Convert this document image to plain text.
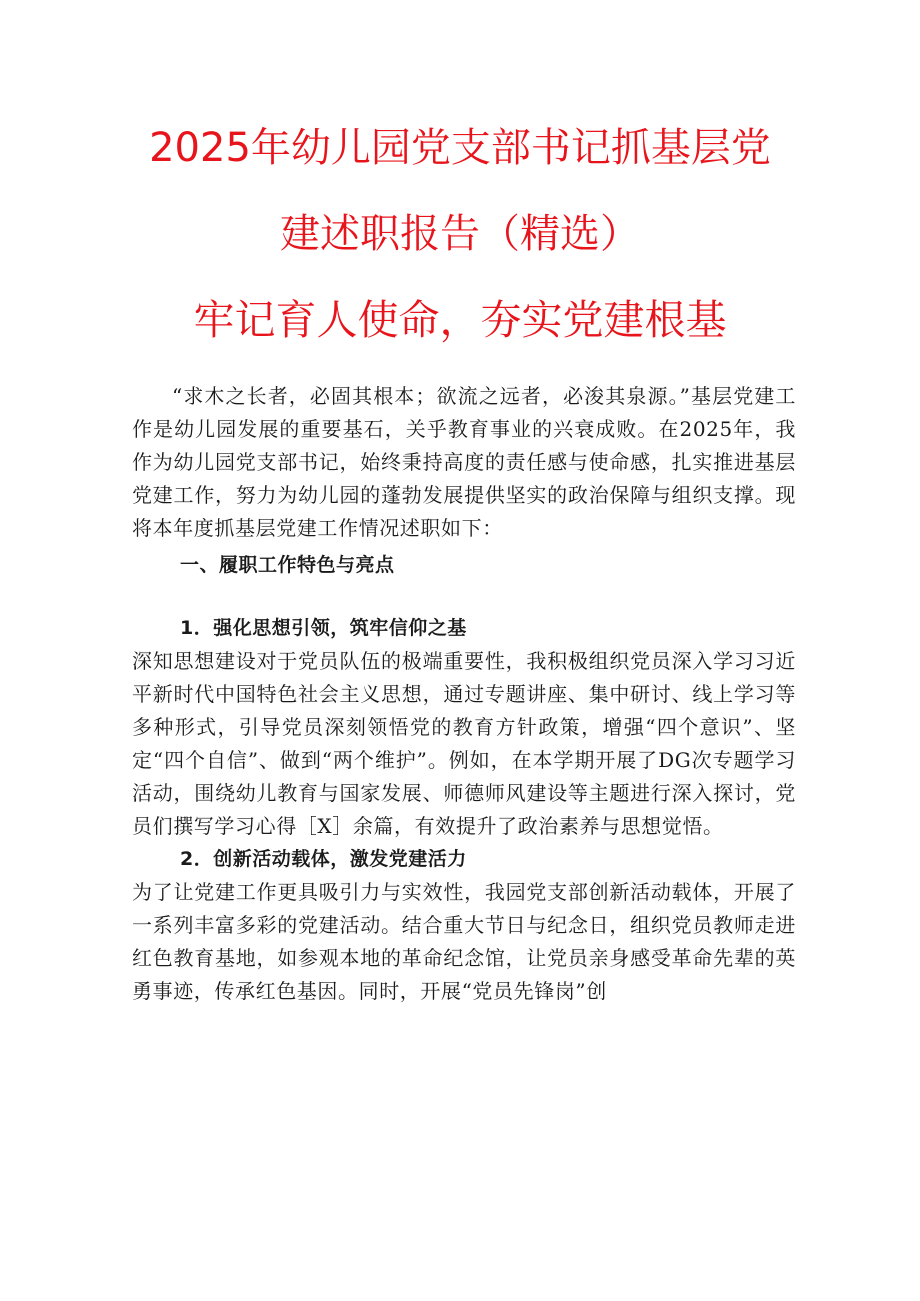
2025年幼儿园党支部书记抓基层党

建述职报告（精选）

牢记育人使命，夯实党建根基

“求木之长者，必固其根本；欲流之远者，必浚其泉源。”基层党建工作是幼儿园发展的重要基石，关乎教育事业的兴衰成败。在2025年，我作为幼儿园党支部书记，始终秉持高度的责任感与使命感，扎实推进基层党建工作，努力为幼儿园的蓬勃发展提供坚实的政治保障与组织支撑。现将本年度抓基层党建工作情况述职如下：

一、履职工作特色与亮点

1．强化思想引领，筑牢信仰之基

深知思想建设对于党员队伍的极端重要性，我积极组织党员深入学习习近平新时代中国特色社会主义思想，通过专题讲座、集中研讨、线上学习等多种形式，引导党员深刻领悟党的教育方针政策，增强“四个意识”、坚定“四个自信”、做到“两个维护”。例如，在本学期开展了DG次专题学习活动，围绕幼儿教育与国家发展、师德师风建设等主题进行深入探讨，党员们撰写学习心得［X］余篇，有效提升了政治素养与思想觉悟。

2．创新活动载体，激发党建活力

为了让党建工作更具吸引力与实效性，我园党支部创新活动载体，开展了一系列丰富多彩的党建活动。结合重大节日与纪念日，组织党员教师走进红色教育基地，如参观本地的革命纪念馆，让党员亲身感受革命先辈的英勇事迹，传承红色基因。同时，开展“党员先锋岗”创
